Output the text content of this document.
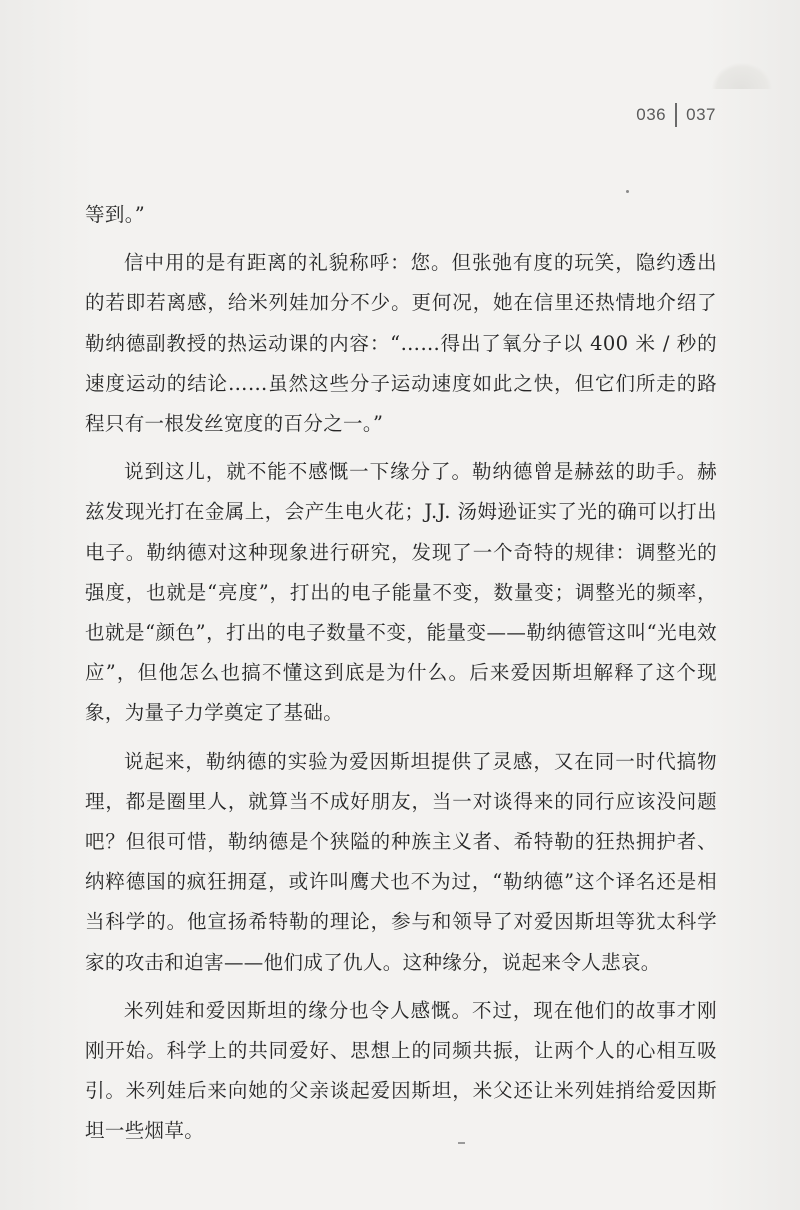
036 037

等到。”

信中用的是有距离的礼貌称呼：您。但张弛有度的玩笑，隐约透出的若即若离感，给米列娃加分不少。更何况，她在信里还热情地介绍了勒纳德副教授的热运动课的内容：“……得出了氧分子以 400 米 / 秒的速度运动的结论……虽然这些分子运动速度如此之快，但它们所走的路程只有一根发丝宽度的百分之一。”

说到这儿，就不能不感慨一下缘分了。勒纳德曾是赫兹的助手。赫兹发现光打在金属上，会产生电火花；J.J. 汤姆逊证实了光的确可以打出电子。勒纳德对这种现象进行研究，发现了一个奇特的规律：调整光的强度，也就是“亮度”，打出的电子能量不变，数量变；调整光的频率，也就是“颜色”，打出的电子数量不变，能量变——勒纳德管这叫“光电效应”，但他怎么也搞不懂这到底是为什么。后来爱因斯坦解释了这个现象，为量子力学奠定了基础。

说起来，勒纳德的实验为爱因斯坦提供了灵感，又在同一时代搞物理，都是圈里人，就算当不成好朋友，当一对谈得来的同行应该没问题吧？但很可惜，勒纳德是个狭隘的种族主义者、希特勒的狂热拥护者、纳粹德国的疯狂拥趸，或许叫鹰犬也不为过，“勒纳德”这个译名还是相当科学的。他宣扬希特勒的理论，参与和领导了对爱因斯坦等犹太科学家的攻击和迫害——他们成了仇人。这种缘分，说起来令人悲哀。

米列娃和爱因斯坦的缘分也令人感慨。不过，现在他们的故事才刚刚开始。科学上的共同爱好、思想上的同频共振，让两个人的心相互吸引。米列娃后来向她的父亲谈起爱因斯坦，米父还让米列娃捎给爱因斯坦一些烟草。
